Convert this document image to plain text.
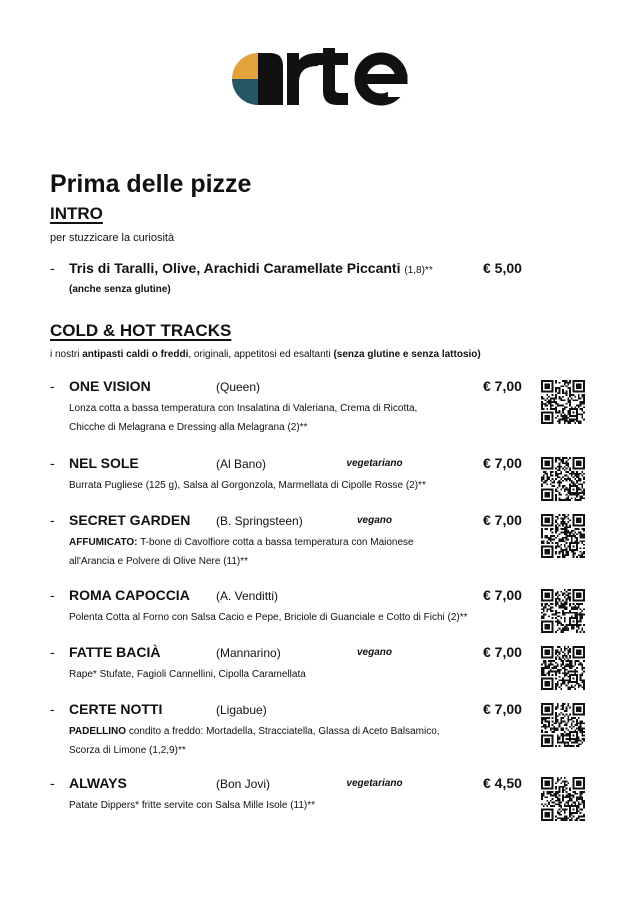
Prima delle pizze
INTRO
per stuzzicare la curiosità
- Tris di Taralli, Olive, Arachidi Caramellate Piccanti (1,8)**	€ 5,00
(anche senza glutine)
COLD & HOT TRACKS
i nostri antipasti caldi o freddi, originali, appetitosi ed esaltanti (senza glutine e senza lattosio)
- ONE VISION	(Queen)	€ 7,00
Lonza cotta a bassa temperatura con Insalatina di Valeriana, Crema di Ricotta,
Chicche di Melagrana e Dressing alla Melagrana (2)**
- NEL SOLE	(Al Bano)	vegetariano	€ 7,00
Burrata Pugliese (125 g), Salsa al Gorgonzola, Marmellata di Cipolle Rosse (2)**
- SECRET GARDEN (B. Springsteen)	vegano	€ 7,00
AFFUMICATO: T-bone di Cavolfiore cotta a bassa temperatura con Maionese
all'Arancia e Polvere di Olive Nere (11)**
- ROMA CAPOCCIA (A. Venditti)	€ 7,00
Polenta Cotta al Forno con Salsa Cacio e Pepe, Briciole di Guanciale e Cotto di Fichi (2)**
- FATTE BACIÀ	(Mannarino)	vegano	€ 7,00
Rape* Stufate, Fagioli Cannellini, Cipolla Caramellata
- CERTE NOTTI	(Ligabue)	€ 7,00
PADELLINO condito a freddo: Mortadella, Stracciatella, Glassa di Aceto Balsamico,
Scorza di Limone (1,2,9)**
- ALWAYS	(Bon Jovi)	vegetariano	€ 4,50
Patate Dippers* fritte servite con Salsa Mille Isole (11)**
